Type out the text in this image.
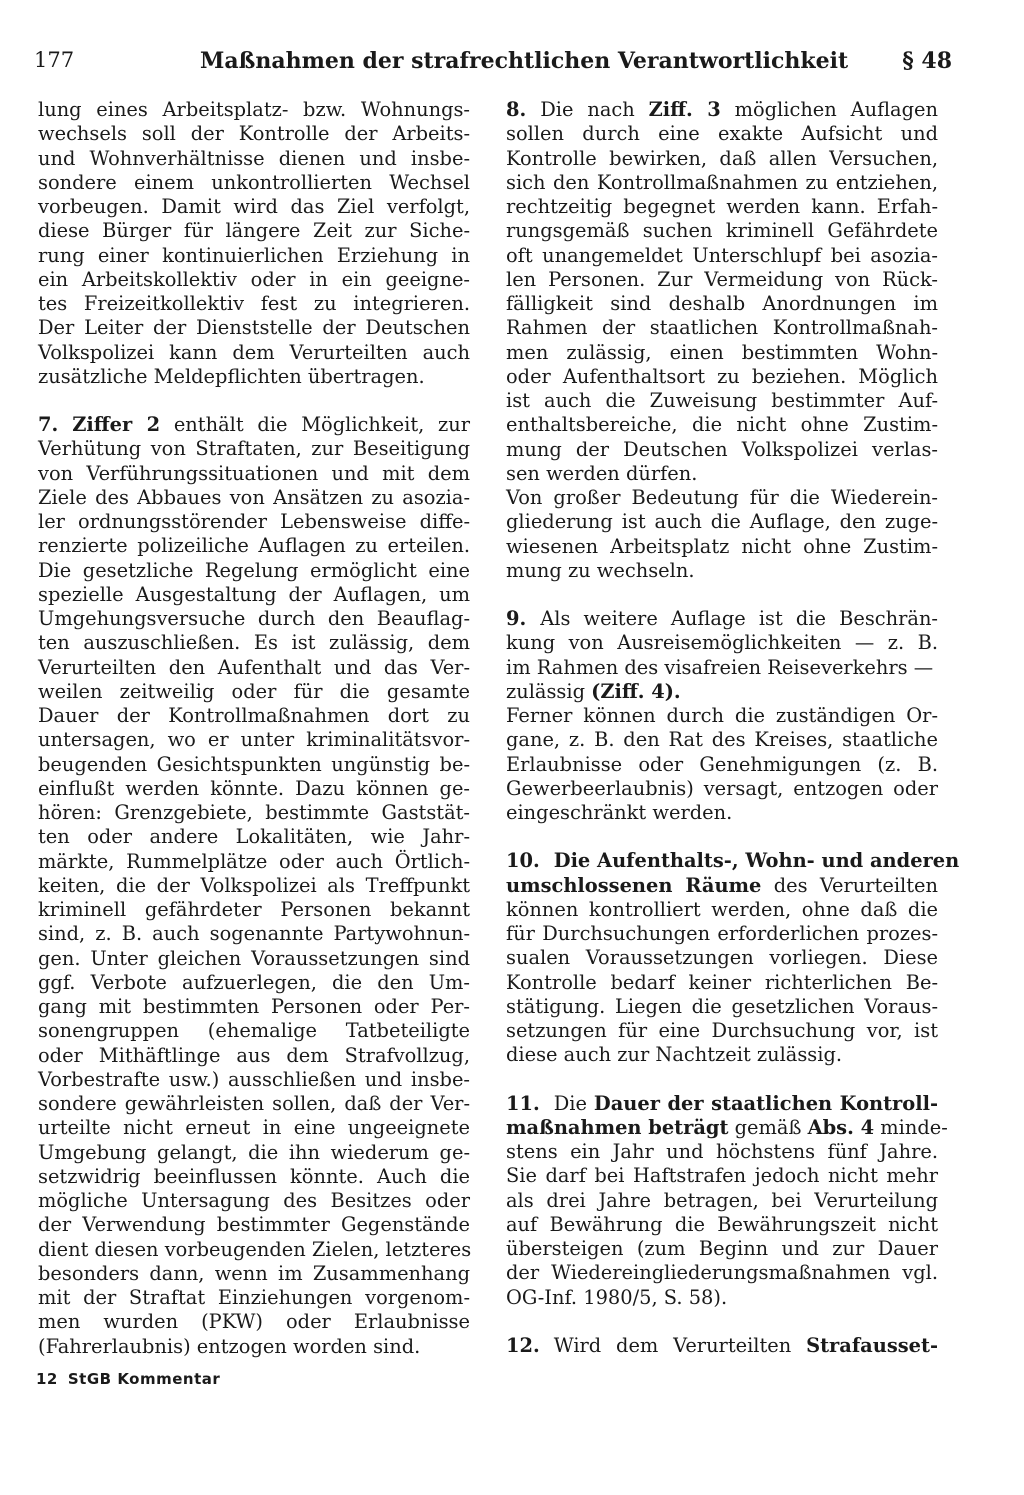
177	Maßnahmen der strafrechtlichen Verantwortlichkeit § 48
lung eines Arbeitsplatz- bzw. Wohnungs-
wechsels soll der Kontrolle der Arbeits-
und Wohnverhältnisse dienen und insbe-
sondere einem unkontrollierten Wechsel
vorbeugen. Damit wird das Ziel verfolgt,
diese Bürger für längere Zeit zur Siche-
rung einer kontinuierlichen Erziehung in
ein Arbeitskollektiv oder in ein geeigne-
tes Freizeitkollektiv fest zu integrieren.
Der Leiter der Dienststelle der Deutschen
Volkspolizei kann dem Verurteilten auch
zusätzliche Meldepflichten übertragen.
7. Ziffer 2 enthält die Möglichkeit, zur
Verhütung von Straftaten, zur Beseitigung
von Verführungssituationen und mit dem
Ziele des Abbaues von Ansätzen zu asozia-
ler ordnungsstörender Lebensweise diffe-
renzierte polizeiliche Auflagen zu erteilen.
Die gesetzliche Regelung ermöglicht eine
spezielle Ausgestaltung der Auflagen, um
Umgehungsversuche durch den Beauflag-
ten auszuschließen. Es ist zulässig, dem
Verurteilten den Aufenthalt und das Ver-
weilen zeitweilig oder für die gesamte
Dauer der Kontrollmaßnahmen dort zu
untersagen, wo er unter kriminalitätsvor-
beugenden Gesichtspunkten ungünstig be-
einflußt werden könnte. Dazu können ge-
hören: Grenzgebiete, bestimmte Gaststät-
ten oder andere Lokalitäten, wie Jahr-
märkte, Rummelplätze oder auch Örtlich-
keiten, die der Volkspolizei als Treffpunkt
kriminell gefährdeter Personen bekannt
sind, z. B. auch sogenannte Partywohnun-
gen. Unter gleichen Voraussetzungen sind
ggf. Verbote aufzuerlegen, die den Um-
gang mit bestimmten Personen oder Per-
sonengruppen (ehemalige Tatbeteiligte
oder Mithäftlinge aus dem Strafvollzug,
Vorbestrafte usw.) ausschließen und insbe-
sondere gewährleisten sollen, daß der Ver-
urteilte nicht erneut in eine ungeeignete
Umgebung gelangt, die ihn wiederum ge-
setzwidrig beeinflussen könnte. Auch die
mögliche Untersagung des Besitzes oder
der Verwendung bestimmter Gegenstände
dient diesen vorbeugenden Zielen, letzteres
besonders dann, wenn im Zusammenhang
mit der Straftat Einziehungen vorgenom-
men wurden (PKW) oder Erlaubnisse
(Fahrerlaubnis) entzogen worden sind.
8. Die nach Ziff. 3 möglichen Auflagen
sollen durch eine exakte Aufsicht und
Kontrolle bewirken, daß allen Versuchen,
sich den Kontrollmaßnahmen zu entziehen,
rechtzeitig begegnet werden kann. Erfah-
rungsgemäß suchen kriminell Gefährdete
oft unangemeldet Unterschlupf bei asozia-
len Personen. Zur Vermeidung von Rück-
fälligkeit sind deshalb Anordnungen im
Rahmen der staatlichen Kontrollmaßnah-
men zulässig, einen bestimmten Wohn-
oder Aufenthaltsort zu beziehen. Möglich
ist auch die Zuweisung bestimmter Auf-
enthaltsbereiche, die nicht ohne Zustim-
mung der Deutschen Volkspolizei verlas-
sen werden dürfen.
Von großer Bedeutung für die Wiederein-
gliederung ist auch die Auflage, den zuge-
wiesenen Arbeitsplatz nicht ohne Zustim-
mung zu wechseln.
9. Als weitere Auflage ist die Beschrän-
kung von Ausreisemöglichkeiten — z. B.
im Rahmen des visafreien Reiseverkehrs —
zulässig (Ziff. 4).
Ferner können durch die zuständigen Or-
gane, z. B. den Rat des Kreises, staatliche
Erlaubnisse oder Genehmigungen (z. B.
Gewerbeerlaubnis) versagt, entzogen oder
eingeschränkt werden.
10. Die Aufenthalts-, Wohn- und anderen
umschlossenen Räume des Verurteilten
können kontrolliert werden, ohne daß die
für Durchsuchungen erforderlichen prozes-
sualen Voraussetzungen vorliegen. Diese
Kontrolle bedarf keiner richterlichen Be-
stätigung. Liegen die gesetzlichen Voraus-
setzungen für eine Durchsuchung vor, ist
diese auch zur Nachtzeit zulässig.
11. Die Dauer der staatlichen Kontroll-
maßnahmen beträgt gemäß Abs. 4 minde-
stens ein Jahr und höchstens fünf Jahre.
Sie darf bei Haftstrafen jedoch nicht mehr
als drei Jahre betragen, bei Verurteilung
auf Bewährung die Bewährungszeit nicht
übersteigen (zum Beginn und zur Dauer
der Wiedereingliederungsmaßnahmen vgl.
OG-Inf. 1980/5, S. 58).
12. Wird dem Verurteilten Strafausset-
12 StGB Kommentar
